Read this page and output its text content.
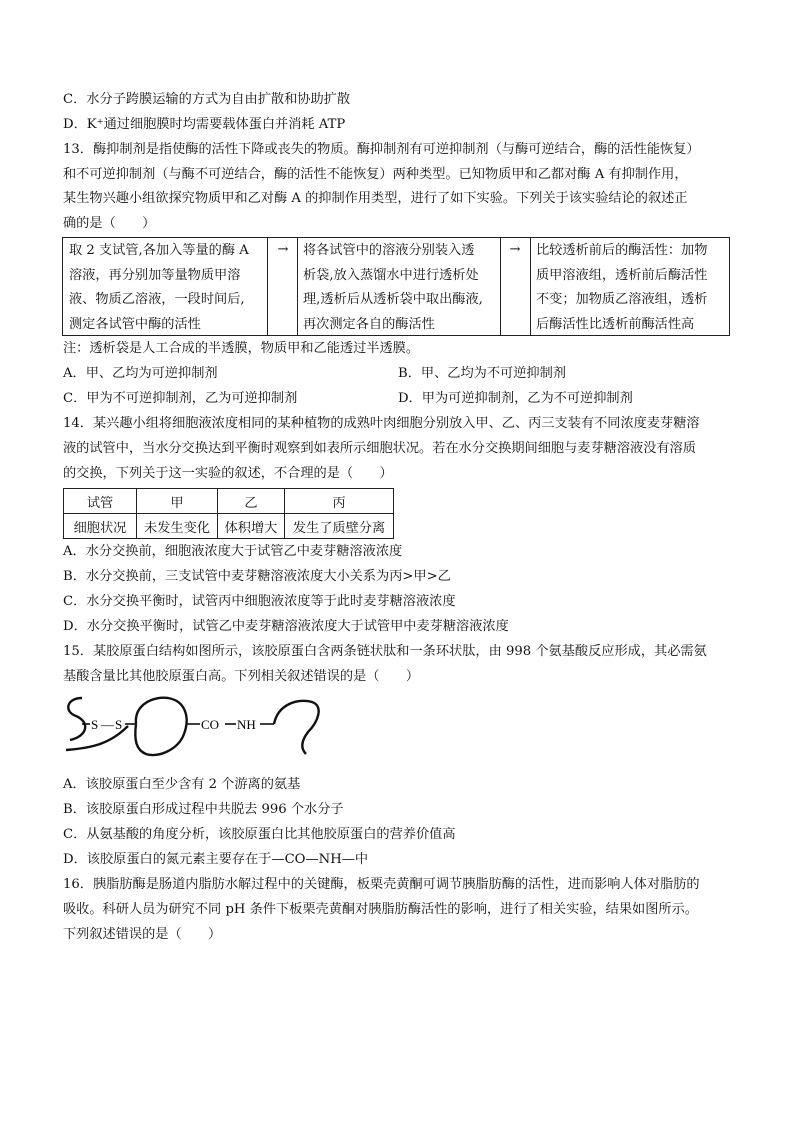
C．水分子跨膜运输的方式为自由扩散和协助扩散
D．K⁺通过细胞膜时均需要载体蛋白并消耗 ATP
13．酶抑制剂是指使酶的活性下降或丧失的物质。酶抑制剂有可逆抑制剂（与酶可逆结合，酶的活性能恢复）
和不可逆抑制剂（与酶不可逆结合，酶的活性不能恢复）两种类型。已知物质甲和乙都对酶 A 有抑制作用，
某生物兴趣小组欲探究物质甲和乙对酶 A 的抑制作用类型，进行了如下实验。下列关于该实验结论的叙述正
确的是（　　）
取 2 支试管,各加入等量的酶 A
溶液，再分别加等量物质甲溶
液、物质乙溶液，一段时间后,
测定各试管中酶的活性
→	将各试管中的溶液分别装入透
析袋,放入蒸馏水中进行透析处
理,透析后从透析袋中取出酶液,
再次测定各自的酶活性
→	比较透析前后的酶活性：加物
质甲溶液组，透析前后酶活性
不变；加物质乙溶液组，透析
后酶活性比透析前酶活性高
注：透析袋是人工合成的半透膜，物质甲和乙能透过半透膜。
A．甲、乙均为可逆抑制剂	B．甲、乙均为不可逆抑制剂
C．甲为不可逆抑制剂，乙为可逆抑制剂	D．甲为可逆抑制剂，乙为不可逆抑制剂
14．某兴趣小组将细胞液浓度相同的某种植物的成熟叶肉细胞分别放入甲、乙、丙三支装有不同浓度麦芽糖溶
液的试管中，当水分交换达到平衡时观察到如表所示细胞状况。若在水分交换期间细胞与麦芽糖溶液没有溶质
的交换，下列关于这一实验的叙述，不合理的是（　　）
试管	甲	乙	丙
细胞状况	未发生变化	体积增大	发生了质壁分离
A．水分交换前，细胞液浓度大于试管乙中麦芽糖溶液浓度
B．水分交换前，三支试管中麦芽糖溶液浓度大小关系为丙>甲>乙
C．水分交换平衡时，试管丙中细胞液浓度等于此时麦芽糖溶液浓度
D．水分交换平衡时，试管乙中麦芽糖溶液浓度大于试管甲中麦芽糖溶液浓度
15．某胶原蛋白结构如图所示，该胶原蛋白含两条链状肽和一条环状肽，由 998 个氨基酸反应形成，其必需氨
基酸含量比其他胶原蛋白高。下列相关叙述错误的是（　　）
S — S	CO NH
A．该胶原蛋白至少含有 2 个游离的氨基
B．该胶原蛋白形成过程中共脱去 996 个水分子
C．从氨基酸的角度分析，该胶原蛋白比其他胶原蛋白的营养价值高
D．该胶原蛋白的氮元素主要存在于—CO—NH—中
16．胰脂肪酶是肠道内脂肪水解过程中的关键酶，板栗壳黄酮可调节胰脂肪酶的活性，进而影响人体对脂肪的
吸收。科研人员为研究不同 pH 条件下板栗壳黄酮对胰脂肪酶活性的影响，进行了相关实验，结果如图所示。
下列叙述错误的是（　　）
